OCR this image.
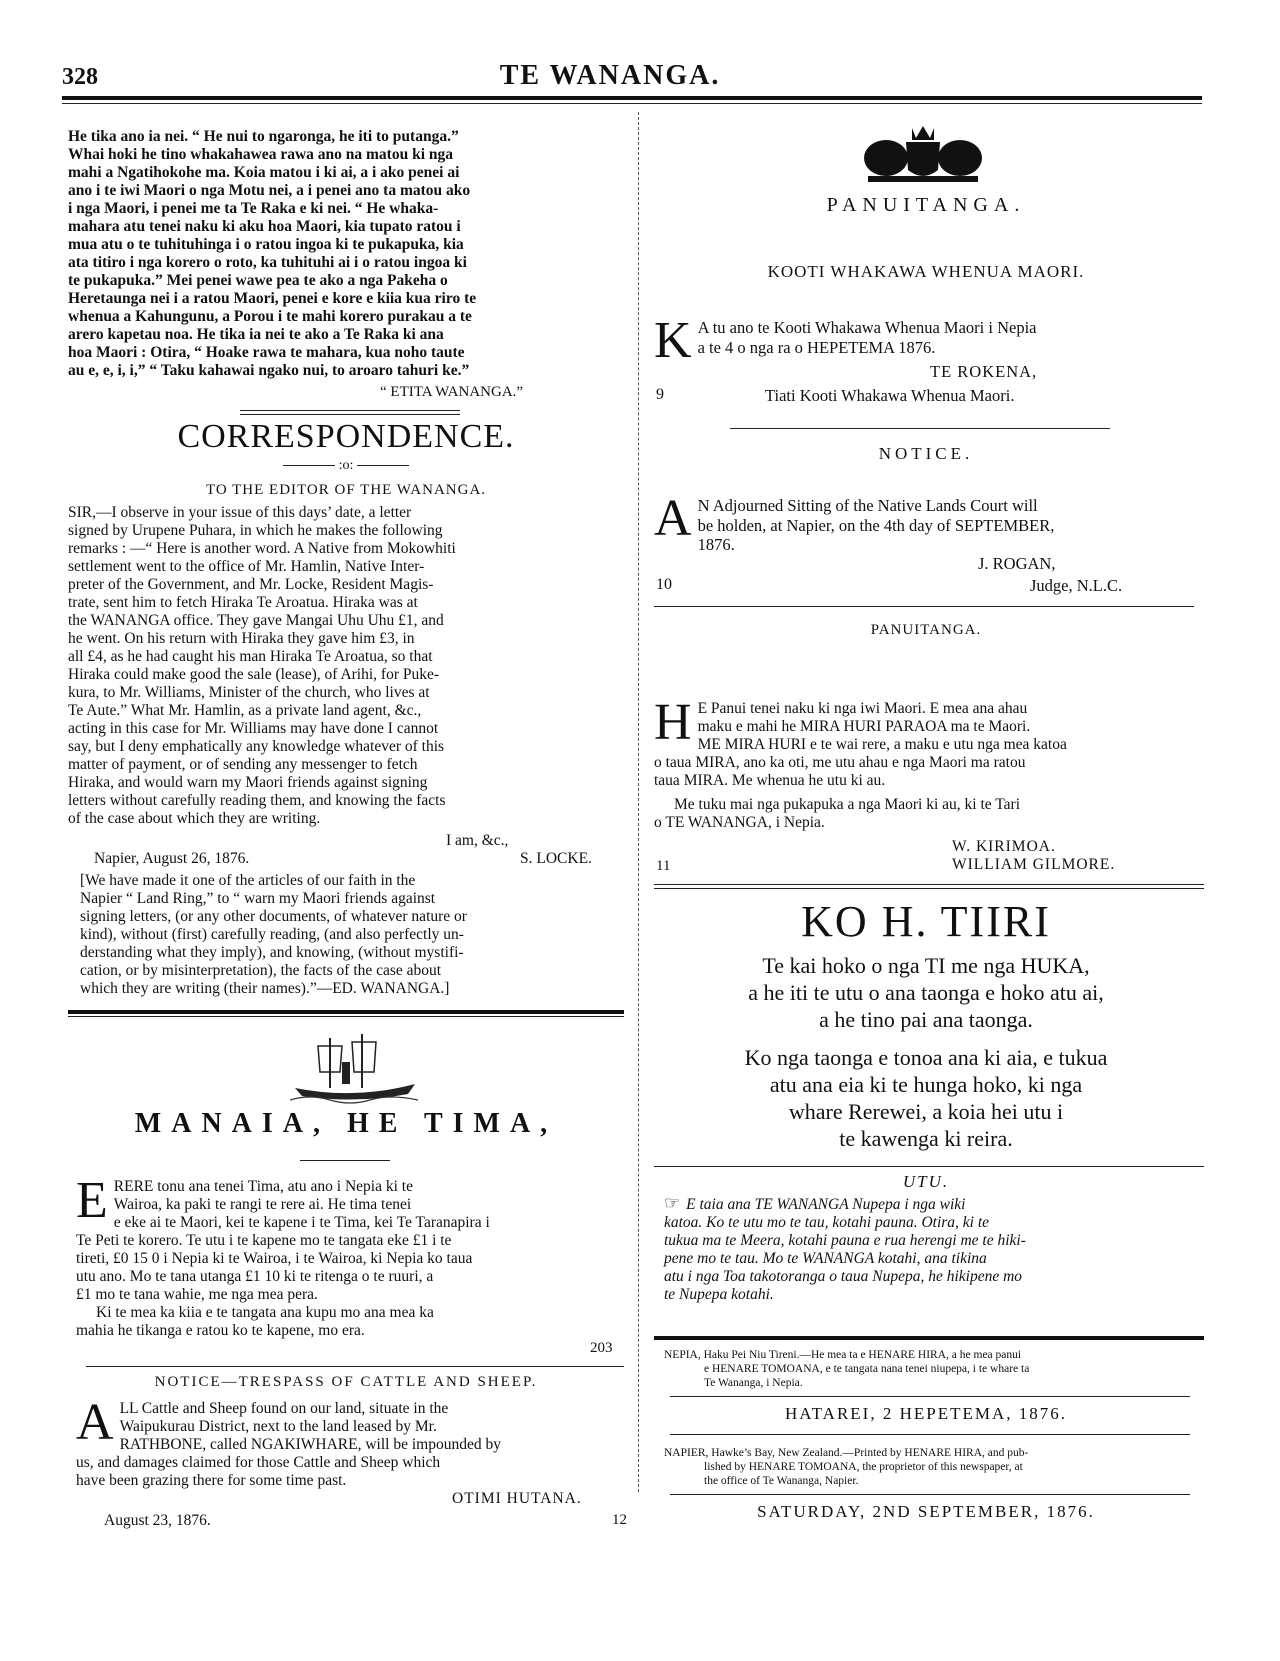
328	TE WANANGA.
He tika ano ia nei. “ He nui to ngaronga, he iti to putanga.”
Whai hoki he tino whakahawea rawa ano na matou ki nga
mahi a Ngatihokohe ma. Koia matou i ki ai, a i ako penei ai
ano i te iwi Maori o nga Motu nei, a i penei ano ta matou ako
i nga Maori, i penei me ta Te Raka e ki nei. “ He whaka-
mahara atu tenei naku ki aku hoa Maori, kia tupato ratou i
mua atu o te tuhituhinga i o ratou ingoa ki te pukapuka, kia
ata titiro i nga korero o roto, ka tuhituhi ai i o ratou ingoa ki
te pukapuka.” Mei penei wawe pea te ako a nga Pakeha o
Heretaunga nei i a ratou Maori, penei e kore e kiia kua riro te
whenua a Kahungunu, a Porou i te mahi korero purakau a te
arero kapetau noa. He tika ia nei te ako a Te Raka ki ana
hoa Maori : Otira, “ Hoake rawa te mahara, kua noho taute
au e, e, i, i,” “ Taku kahawai ngako nui, to aroaro tahuri ke.”
“ ETITA WANANGA.”
CORRESPONDENCE.
:o:
TO THE EDITOR OF THE WANANGA.
SIR,—I observe in your issue of this days’ date, a letter
signed by Urupene Puhara, in which he makes the following
remarks : —“ Here is another word. A Native from Mokowhiti
settlement went to the office of Mr. Hamlin, Native Inter-
preter of the Government, and Mr. Locke, Resident Magis-
trate, sent him to fetch Hiraka Te Aroatua. Hiraka was at
the WANANGA office. They gave Mangai Uhu Uhu £1, and
he went. On his return with Hiraka they gave him £3, in
all £4, as he had caught his man Hiraka Te Aroatua, so that
Hiraka could make good the sale (lease), of Arihi, for Puke-
kura, to Mr. Williams, Minister of the church, who lives at
Te Aute.” What Mr. Hamlin, as a private land agent, &c.,
acting in this case for Mr. Williams may have done I cannot
say, but I deny emphatically any knowledge whatever of this
matter of payment, or of sending any messenger to fetch
Hiraka, and would warn my Maori friends against signing
letters without carefully reading them, and knowing the facts
of the case about which they are writing.
I am, &c.,
Napier, August 26, 1876.	S. LOCKE.
[We have made it one of the articles of our faith in the
Napier “ Land Ring,” to “ warn my Maori friends against
signing letters, (or any other documents, of whatever nature or
kind), without (first) carefully reading, (and also perfectly un-
derstanding what they imply), and knowing, (without mystifi-
cation, or by misinterpretation), the facts of the case about
which they are writing (their names).”—ED. WANANGA.]
MANAIA, HE TIMA,
E RERE tonu ana tenei Tima, atu ano i Nepia ki te
Wairoa, ka paki te rangi te rere ai. He tima tenei
e eke ai te Maori, kei te kapene i te Tima, kei Te Taranapira i
Te Peti te korero. Te utu i te kapene mo te tangata eke £1 i te
tireti, £0 15 0 i Nepia ki te Wairoa, i te Wairoa, ki Nepia ko taua
utu ano. Mo te tana utanga £1 10 ki te ritenga o te ruuri, a
£1 mo te tana wahie, me nga mea pera.
Ki te mea ka kiia e te tangata ana kupu mo ana mea ka
mahia he tikanga e ratou ko te kapene, mo era.
203
NOTICE—TRESPASS OF CATTLE AND SHEEP.
A LL Cattle and Sheep found on our land, situate in the
Waipukurau District, next to the land leased by Mr.
RATHBONE, called NGAKIWHARE, will be impounded by
us, and damages claimed for those Cattle and Sheep which
have been grazing there for some time past.
OTIMI HUTANA.
August 23, 1876.	12
PANUITANGA.
KOOTI WHAKAWA WHENUA MAORI.
K A tu ano te Kooti Whakawa Whenua Maori i Nepia
a te 4 o nga ra o HEPETEMA 1876.
TE ROKENA,
9	Tiati Kooti Whakawa Whenua Maori.
NOTICE.
A N Adjourned Sitting of the Native Lands Court will
be holden, at Napier, on the 4th day of SEPTEMBER,
1876.
J. ROGAN,
10	Judge, N.L.C.
PANUITANGA.
H E Panui tenei naku ki nga iwi Maori. E mea ana ahau
maku e mahi he MIRA HURI PARAOA ma te Maori.
ME MIRA HURI e te wai rere, a maku e utu nga mea katoa
o taua MIRA, ano ka oti, me utu ahau e nga Maori ma ratou
taua MIRA. Me whenua he utu ki au.
Me tuku mai nga pukapuka a nga Maori ki au, ki te Tari
o TE WANANGA, i Nepia.
W. KIRIMOA.
11	WILLIAM GILMORE.
KO H. TIIRI
Te kai hoko o nga TI me nga HUKA,
a he iti te utu o ana taonga e hoko atu ai,
a he tino pai ana taonga.
Ko nga taonga e tonoa ana ki aia, e tukua
atu ana eia ki te hunga hoko, ki nga
whare Rerewei, a koia hei utu i
te kawenga ki reira.
UTU.
☞ E taia ana TE WANANGA Nupepa i nga wiki
katoa. Ko te utu mo te tau, kotahi pauna. Otira, ki te
tukua ma te Meera, kotahi pauna e rua herengi me te hiki-
pene mo te tau. Mo te WANANGA kotahi, ana tikina
atu i nga Toa takotoranga o taua Nupepa, he hikipene mo
te Nupepa kotahi.
NEPIA, Haku Pei Niu Tireni.—He mea ta e HENARE HIRA, a he mea panui
e HENARE TOMOANA, e te tangata nana tenei niupepa, i te whare ta
Te Wananga, i Nepia.
HATAREI, 2 HEPETEMA, 1876.
NAPIER, Hawke’s Bay, New Zealand.—Printed by HENARE HIRA, and pub-
lished by HENARE TOMOANA, the proprietor of this newspaper, at
the office of Te Wananga, Napier.
SATURDAY, 2ND SEPTEMBER, 1876.
